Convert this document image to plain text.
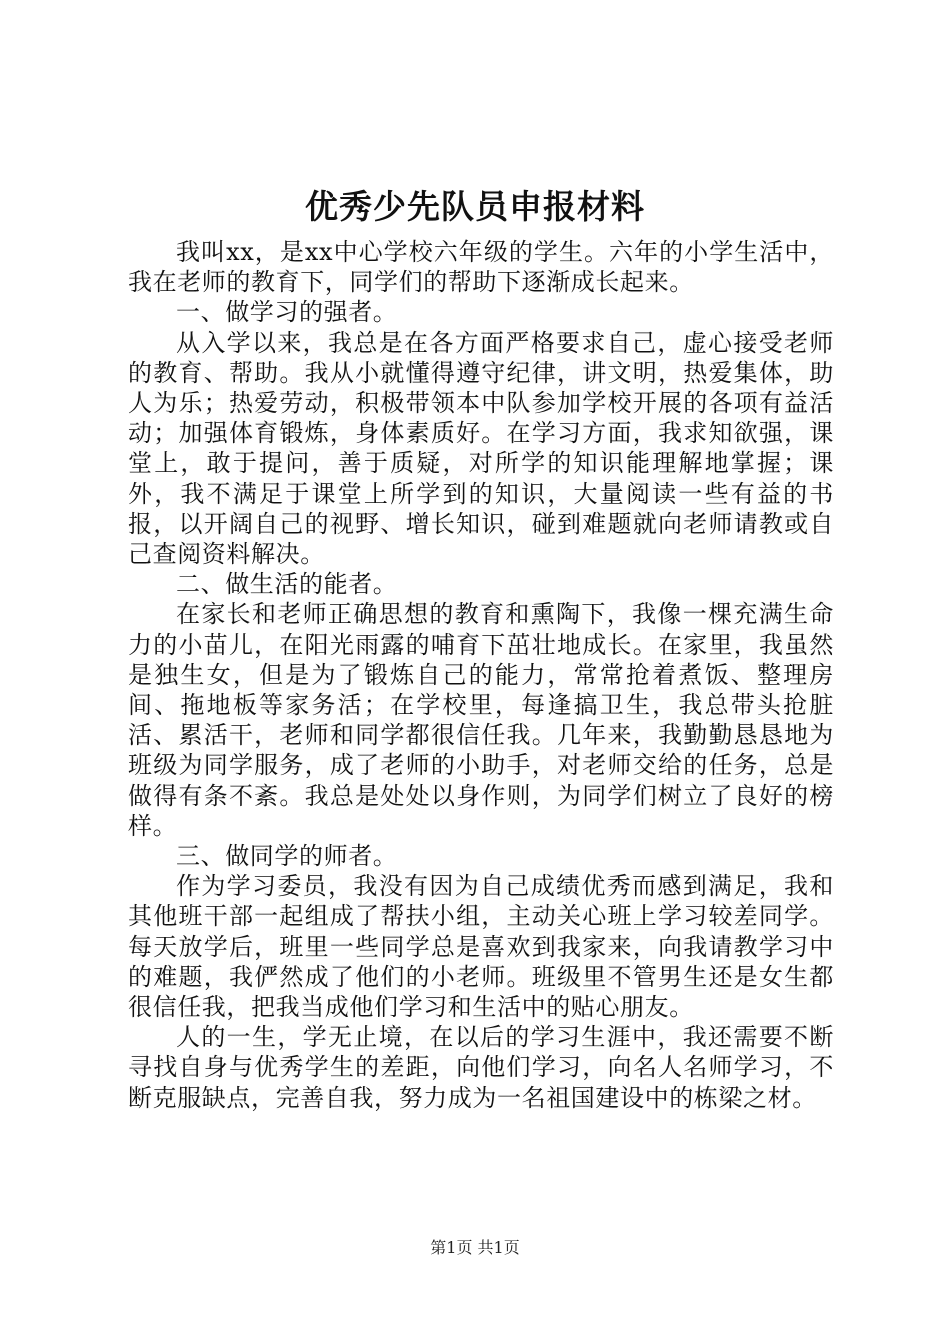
优秀少先队员申报材料

我叫xx，是xx中心学校六年级的学生。六年的小学生活中，我在老师的教育下，同学们的帮助下逐渐成长起来。

一、做学习的强者。

从入学以来，我总是在各方面严格要求自己，虚心接受老师的教育、帮助。我从小就懂得遵守纪律，讲文明，热爱集体，助人为乐；热爱劳动，积极带领本中队参加学校开展的各项有益活动；加强体育锻炼，身体素质好。在学习方面，我求知欲强，课堂上，敢于提问，善于质疑，对所学的知识能理解地掌握；课外，我不满足于课堂上所学到的知识，大量阅读一些有益的书报，以开阔自己的视野、增长知识，碰到难题就向老师请教或自己查阅资料解决。

二、做生活的能者。

在家长和老师正确思想的教育和熏陶下，我像一棵充满生命力的小苗儿，在阳光雨露的哺育下茁壮地成长。在家里，我虽然是独生女，但是为了锻炼自己的能力，常常抢着煮饭、整理房间、拖地板等家务活；在学校里，每逢搞卫生，我总带头抢脏活、累活干，老师和同学都很信任我。几年来，我勤勤恳恳地为班级为同学服务，成了老师的小助手，对老师交给的任务，总是做得有条不紊。我总是处处以身作则，为同学们树立了良好的榜样。

三、做同学的师者。

作为学习委员，我没有因为自己成绩优秀而感到满足，我和其他班干部一起组成了帮扶小组，主动关心班上学习较差同学。每天放学后，班里一些同学总是喜欢到我家来，向我请教学习中的难题，我俨然成了他们的小老师。班级里不管男生还是女生都很信任我，把我当成他们学习和生活中的贴心朋友。

人的一生，学无止境，在以后的学习生涯中，我还需要不断寻找自身与优秀学生的差距，向他们学习，向名人名师学习，不断克服缺点，完善自我，努力成为一名祖国建设中的栋梁之材。

第1页 共1页
